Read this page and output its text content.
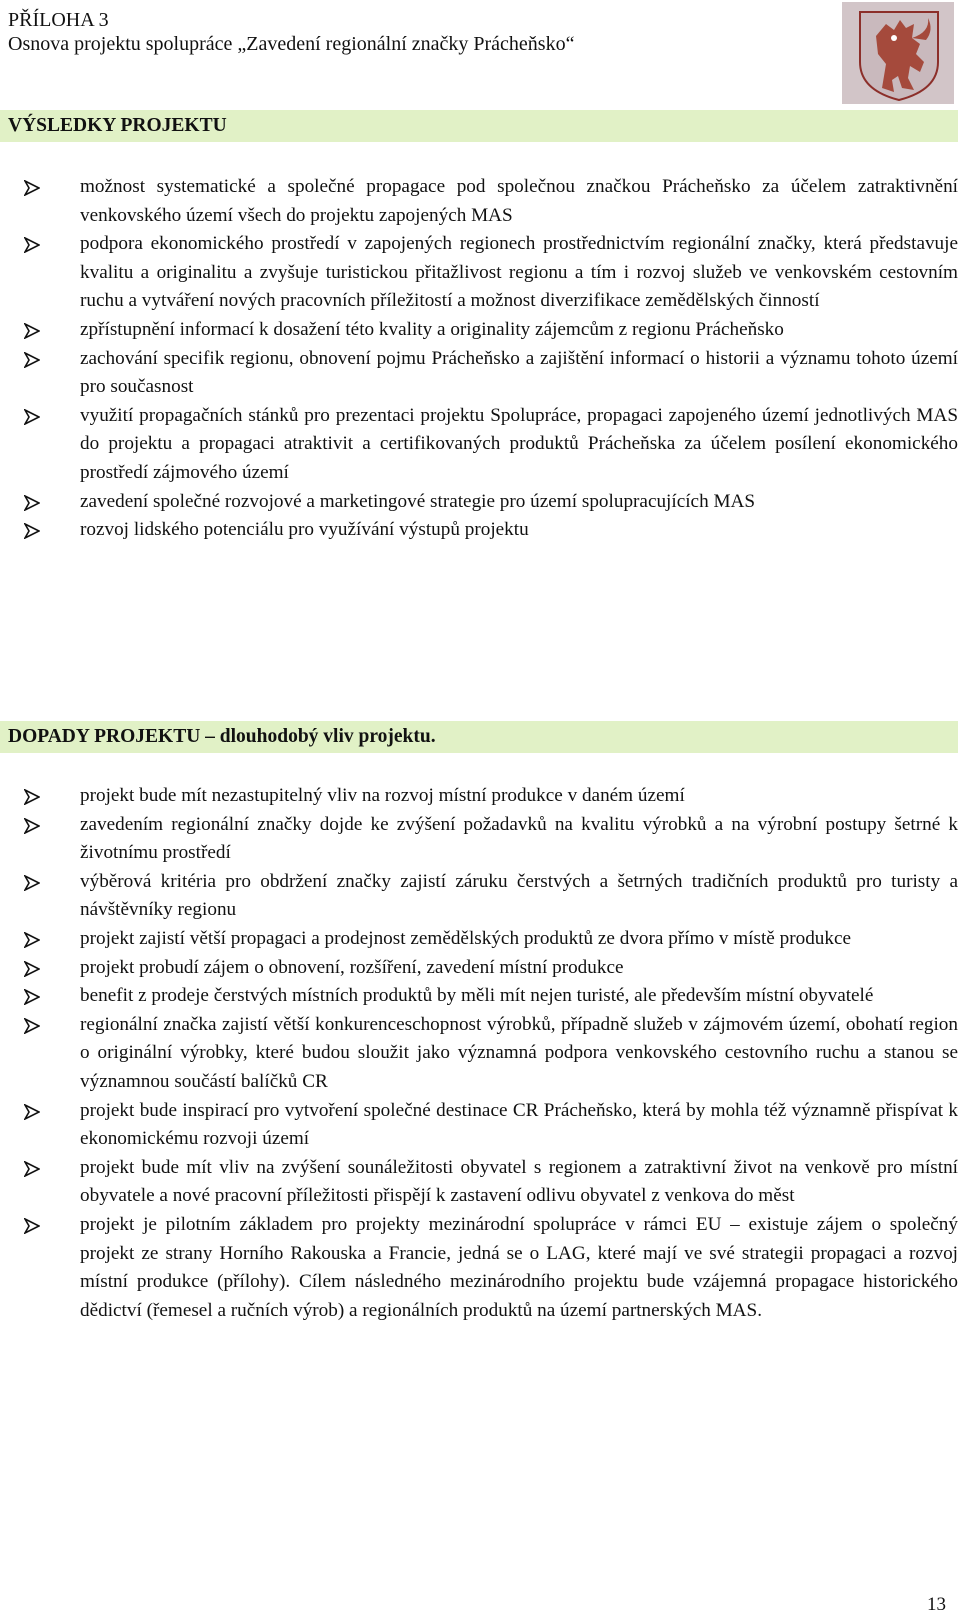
PŘÍLOHA 3
Osnova projektu spolupráce „Zavedení regionální značky Prácheňsko“
VÝSLEDKY PROJEKTU
možnost systematické a společné propagace pod společnou značkou Prácheňsko za účelem zatraktivnění venkovského území všech do projektu zapojených MAS
podpora ekonomického prostředí v zapojených regionech prostřednictvím regionální značky, která představuje kvalitu a originalitu a zvyšuje turistickou přitažlivost regionu a tím i rozvoj služeb ve venkovském cestovním ruchu a vytváření nových pracovních příležitostí a možnost diverzifikace zemědělských činností
zpřístupnění informací k dosažení této kvality a originality zájemcům z regionu Prácheňsko
zachování specifik regionu, obnovení pojmu Prácheňsko a zajištění informací o historii a významu tohoto území pro současnost
využití propagačních stánků pro prezentaci projektu Spolupráce, propagaci zapojeného území jednotlivých MAS do projektu a propagaci atraktivit a certifikovaných produktů Prácheňska za účelem posílení ekonomického prostředí zájmového území
zavedení společné rozvojové a marketingové strategie pro území spolupracujících MAS
rozvoj lidského potenciálu pro využívání výstupů projektu
DOPADY PROJEKTU – dlouhodobý vliv projektu.
projekt bude mít nezastupitelný vliv na rozvoj místní produkce v daném území
zavedením regionální značky dojde ke zvýšení požadavků na kvalitu výrobků a na výrobní postupy šetrné k životnímu prostředí
výběrová kritéria pro obdržení značky zajistí záruku čerstvých a šetrných tradičních produktů pro turisty a návštěvníky regionu
projekt zajistí větší propagaci a prodejnost zemědělských produktů ze dvora přímo v místě produkce
projekt probudí zájem o obnovení, rozšíření, zavedení místní produkce
benefit z prodeje čerstvých místních produktů by měli mít nejen turisté, ale především místní obyvatelé
regionální značka zajistí větší konkurenceschopnost výrobků, případně služeb v zájmovém území, obohatí region o originální výrobky, které budou sloužit jako významná podpora venkovského cestovního ruchu a stanou se významnou součástí balíčků CR
projekt bude inspirací pro vytvoření společné destinace CR Prácheňsko, která by mohla též významně přispívat k ekonomickému rozvoji území
projekt bude mít vliv na zvýšení sounáležitosti obyvatel s regionem a zatraktivní život na venkově pro místní obyvatele a nové pracovní příležitosti přispějí k zastavení odlivu obyvatel z venkova do měst
projekt je pilotním základem pro projekty mezinárodní spolupráce v rámci EU – existuje zájem o společný projekt ze strany Horního Rakouska a Francie, jedná se o LAG, které mají ve své strategii propagaci a rozvoj místní produkce (přílohy). Cílem následného mezinárodního projektu bude vzájemná propagace historického dědictví (řemesel a ručních výrob) a regionálních produktů na území partnerských MAS.
13
